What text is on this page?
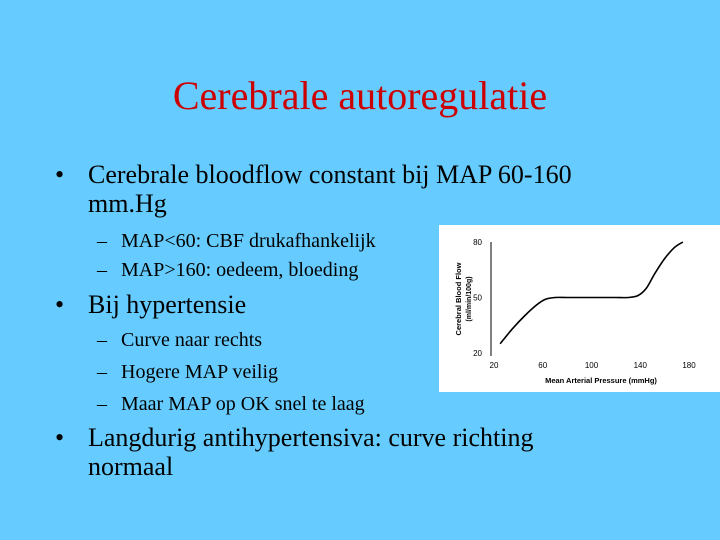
Cerebrale autoregulatie
• Cerebrale bloodflow constant bij MAP 60-160
mm.Hg
– MAP<60: CBF drukafhankelijk
– MAP>160: oedeem, bloeding
• Bij hypertensie
– Curve naar rechts
– Hogere MAP veilig
– Maar MAP op OK snel te laag
• Langdurig antihypertensiva: curve richting
normaal
Cerebral Blood Flow (ml/min/100g)
Mean Arterial Pressure (mmHg)
20	60	100	140	180
80
50
20
